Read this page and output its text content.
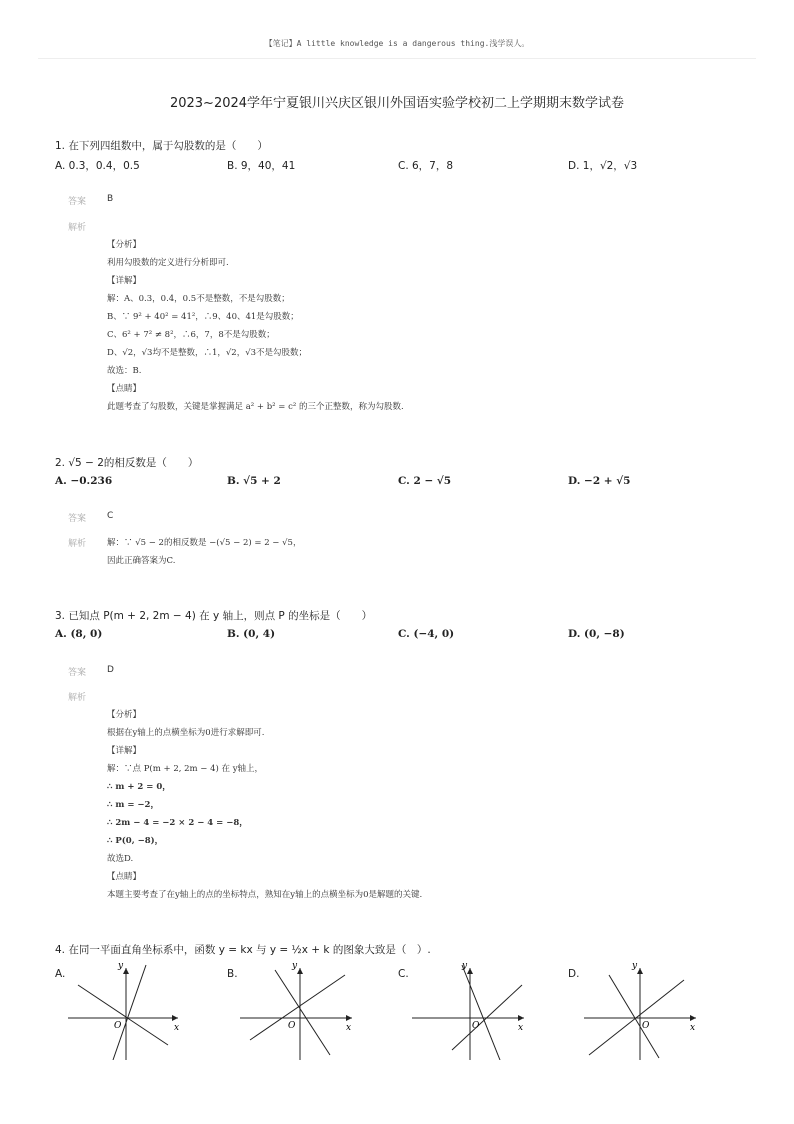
【笔记】A little knowledge is a dangerous thing.浅学误人。
2023~2024学年宁夏银川兴庆区银川外国语实验学校初二上学期期末数学试卷
1. 在下列四组数中，属于勾股数的是（　　）
A. 0.3，0.4，0.5	B. 9，40，41	C. 6，7，8	D. 1，√2，√3
答案 B
解析
【分析】
利用勾股数的定义进行分析即可.
【详解】
解：A、0.3，0.4，0.5不是整数，不是勾股数；
B、∵ 9² + 40² = 41²，∴9、40、41是勾股数；
C、6² + 7² ≠ 8²，∴6，7，8不是勾股数；
D、√2，√3均不是整数，∴1，√2，√3不是勾股数；
故选：B.
【点睛】
此题考查了勾股数，关键是掌握满足 a² + b² = c² 的三个正整数，称为勾股数.
2. √5 − 2的相反数是（　　）
A. −0.236	B. √5 + 2	C. 2 − √5	D. −2 + √5
答案 C
解析 解：∵ √5 − 2的相反数是 −(√5 − 2) = 2 − √5，
因此正确答案为C.
3. 已知点 P(m + 2, 2m − 4) 在 y 轴上，则点 P 的坐标是（　　）
A. (8, 0)	B. (0, 4)	C. (−4, 0)	D. (0, −8)
答案 D
解析
【分析】
根据在y轴上的点横坐标为0进行求解即可.
【详解】
解：∵点 P(m + 2, 2m − 4) 在 y轴上，
∴ m + 2 = 0，
∴ m = −2，
∴ 2m − 4 = −2 × 2 − 4 = −8，
∴ P(0, −8)，
故选D.
【点睛】
本题主要考查了在y轴上的点的坐标特点，熟知在y轴上的点横坐标为0是解题的关键.
4. 在同一平面直角坐标系中，函数 y = kx 与 y = ½x + k 的图象大致是（　）.
A.	B.	C.	D.
y
x
O
y
x
O
y
x
O
y
x
O
